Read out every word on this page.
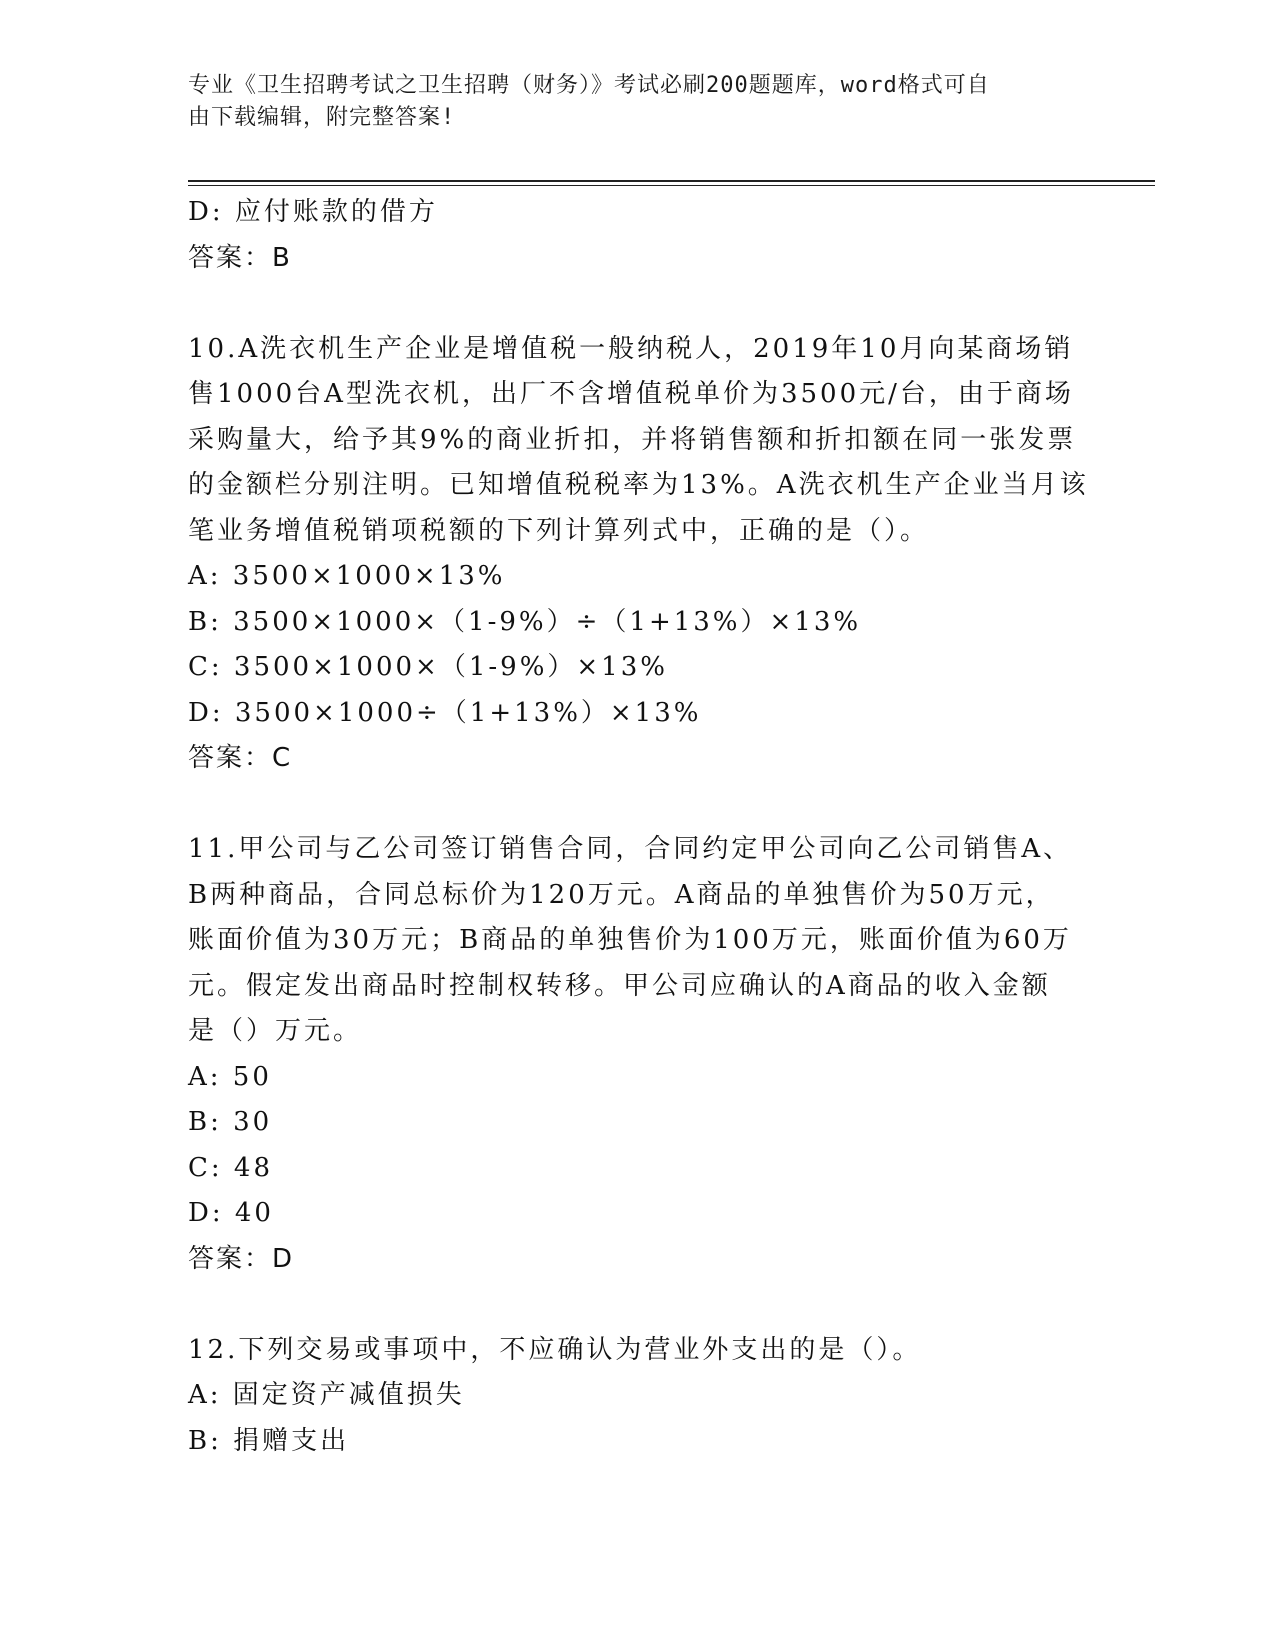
专业《卫生招聘考试之卫生招聘（财务）》考试必刷200题题库，word格式可自
由下载编辑，附完整答案!
D: 应付账款的借方
答案：B
10.A洗衣机生产企业是增值税一般纳税人，2019年10月向某商场销
售1000台A型洗衣机，出厂不含增值税单价为3500元/台，由于商场
采购量大，给予其9%的商业折扣，并将销售额和折扣额在同一张发票
的金额栏分别注明。已知增值税税率为13%。A洗衣机生产企业当月该
笔业务增值税销项税额的下列计算列式中，正确的是（）。
A: 3500×1000×13%
B: 3500×1000×（1-9%）÷（1+13%）×13%
C: 3500×1000×（1-9%）×13%
D: 3500×1000÷（1+13%）×13%
答案：C
11.甲公司与乙公司签订销售合同，合同约定甲公司向乙公司销售A、
B两种商品，合同总标价为120万元。A商品的单独售价为50万元，
账面价值为30万元；B商品的单独售价为100万元，账面价值为60万
元。假定发出商品时控制权转移。甲公司应确认的A商品的收入金额
是（）万元。
A: 50
B: 30
C: 48
D: 40
答案：D
12.下列交易或事项中，不应确认为营业外支出的是（）。
A: 固定资产减值损失
B: 捐赠支出
